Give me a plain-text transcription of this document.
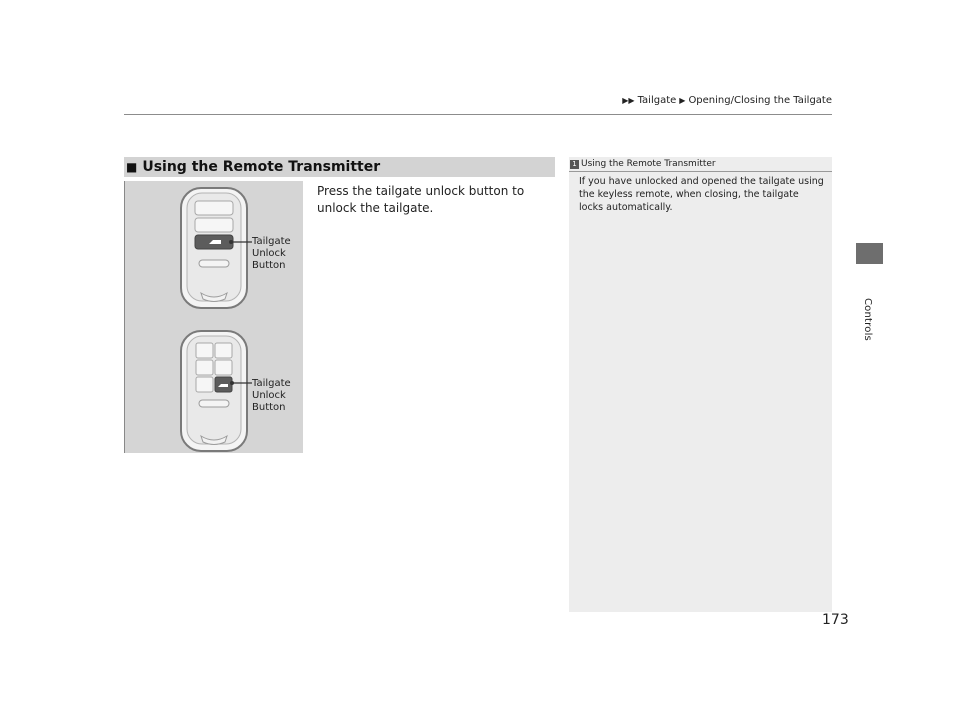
▶▶ Tailgate ▶ Opening/Closing the Tailgate
Controls
■ Using the Remote Transmitter
Tailgate
Unlock
Button
Tailgate
Unlock
Button

Press the tailgate unlock button to unlock the tailgate.

1 Using the Remote Transmitter

If you have unlocked and opened the tailgate using the keyless remote, when closing, the tailgate locks automatically.

173
